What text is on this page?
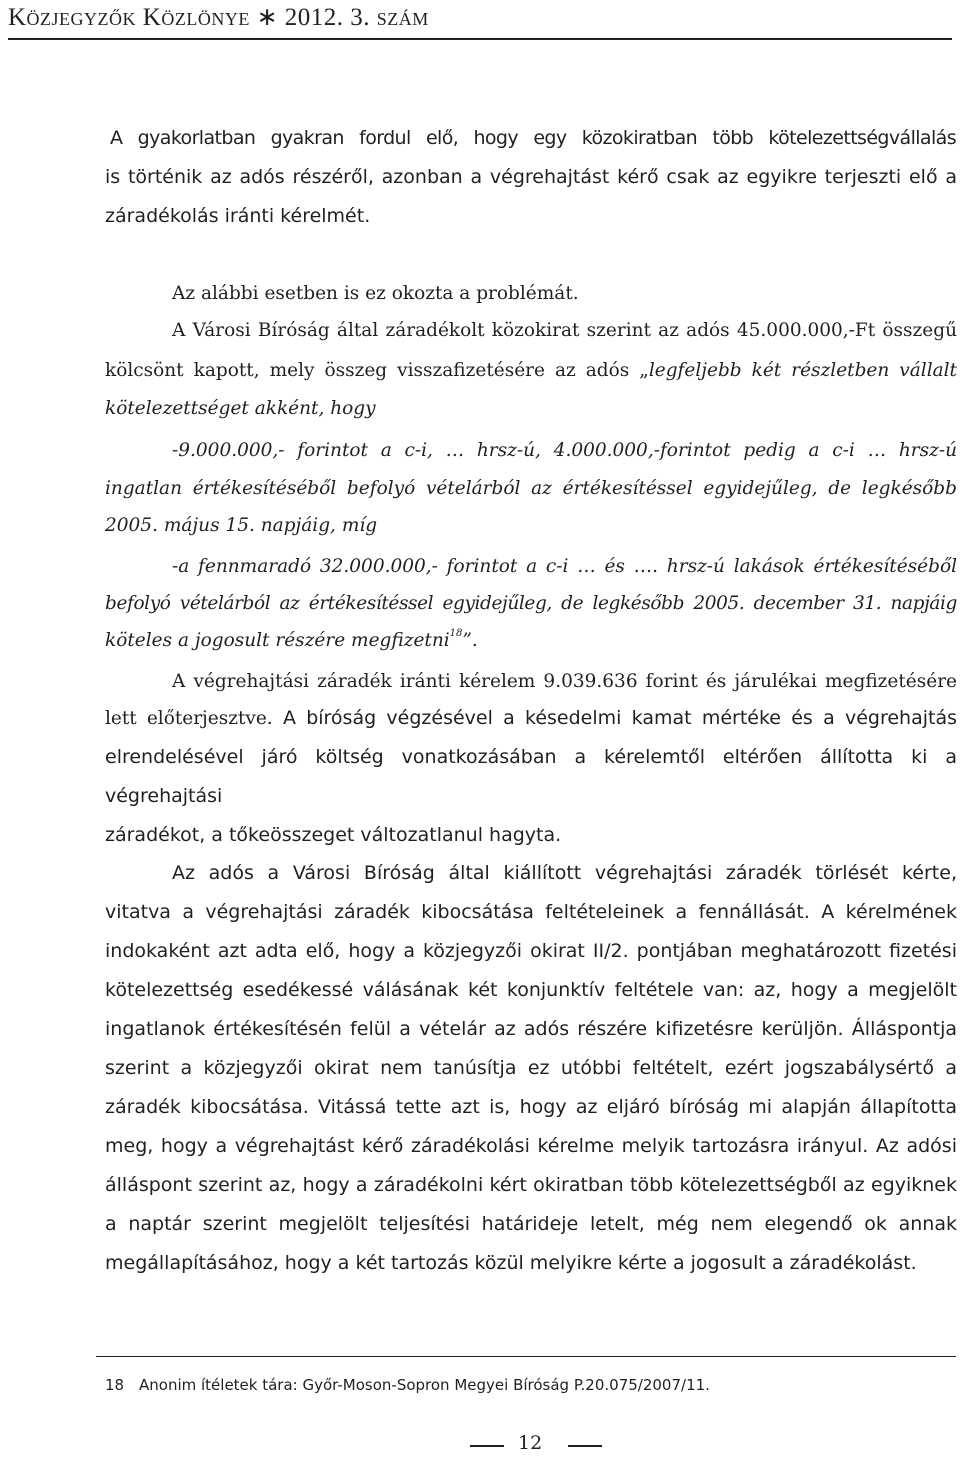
Közjegyzők Közlönye ∗ 2012. 3. szám

A gyakorlatban gyakran fordul elő, hogy egy közokiratban több kötelezettségvállalás
is történik az adós részéről, azonban a végrehajtást kérő csak az egyikre terjeszti elő a
záradékolás iránti kérelmét.
Az alábbi esetben is ez okozta a problémát.
A Városi Bíróság által záradékolt közokirat szerint az adós 45.000.000,-Ft összegű
kölcsönt kapott, mely összeg visszafizetésére az adós „legfeljebb két részletben vállalt
kötelezettséget akként, hogy
-9.000.000,- forintot a c-i, … hrsz-ú, 4.000.000,-forintot pedig a c-i … hrsz-ú
ingatlan értékesítéséből befolyó vételárból az értékesítéssel egyidejűleg, de legkésőbb
2005. május 15. napjáig, míg
-a fennmaradó 32.000.000,- forintot a c-i … és …. hrsz-ú lakások értékesítéséből
befolyó vételárból az értékesítéssel egyidejűleg, de legkésőbb 2005. december 31. napjáig
köteles a jogosult részére megfizetni$^{18}$”.
A végrehajtási záradék iránti kérelem 9.039.636 forint és járulékai megfizetésére
lett előterjesztve. A bíróság végzésével a késedelmi kamat mértéke és a végrehajtás
elrendelésével járó költség vonatkozásában a kérelemtől eltérően állította ki a végrehajtási
záradékot, a tőkeösszeget változatlanul hagyta.
Az adós a Városi Bíróság által kiállított végrehajtási záradék törlését kérte,
vitatva a végrehajtási záradék kibocsátása feltételeinek a fennállását. A kérelmének
indokaként azt adta elő, hogy a közjegyzői okirat II/2. pontjában meghatározott fizetési
kötelezettség esedékessé válásának két konjunktív feltétele van: az, hogy a megjelölt
ingatlanok értékesítésén felül a vételár az adós részére kifizetésre kerüljön. Álláspontja
szerint a közjegyzői okirat nem tanúsítja ez utóbbi feltételt, ezért jogszabálysértő a
záradék kibocsátása. Vitássá tette azt is, hogy az eljáró bíróság mi alapján állapította
meg, hogy a végrehajtást kérő záradékolási kérelme melyik tartozásra irányul. Az adósi
álláspont szerint az, hogy a záradékolni kért okiratban több kötelezettségből az egyiknek
a naptár szerint megjelölt teljesítési határideje letelt, még nem elegendő ok annak
megállapításához, hogy a két tartozás közül melyikre kérte a jogosult a záradékolást.
18 Anonim ítéletek tára: Győr-Moson-Sopron Megyei Bíróság P.20.075/2007/11.
12
